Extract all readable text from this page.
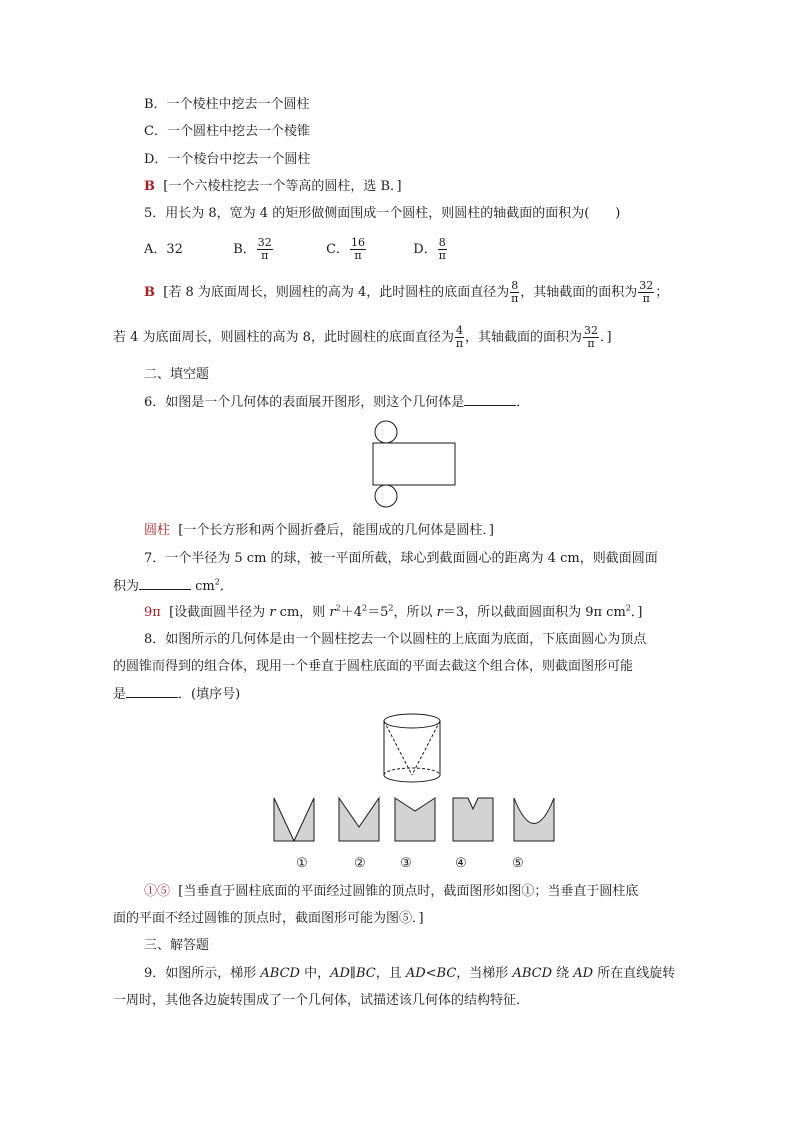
B．一个棱柱中挖去一个圆柱
C．一个圆柱中挖去一个棱锥
D．一个棱台中挖去一个圆柱
B [一个六棱柱挖去一个等高的圆柱，选 B．]
5．用长为 8，宽为 4 的矩形做侧面围成一个圆柱，则圆柱的轴截面的面积为(　　)
A．32	B． $\frac{32}{\pi}$	C． $\frac{16}{\pi}$	D． $\frac{8}{\pi}$
B [若 8 为底面周长，则圆柱的高为 4，此时圆柱的底面直径为 $\frac{8}{\pi}$ ，其轴截面的面积为 $\frac{32}{\pi}$ ；
若 4 为底面周长，则圆柱的高为 8，此时圆柱的底面直径为 $\frac{4}{\pi}$ ，其轴截面的面积为 $\frac{32}{\pi}$ ．]
二、填空题
6．如图是一个几何体的表面展开图形，则这个几何体是	．
圆柱 [一个长方形和两个圆折叠后，能围成的几何体是圆柱．]
7．一个半径为 5 cm 的球，被一平面所截，球心到截面圆心的距离为 4 cm，则截面圆面
积为	$cm^2$．
9π [设截面圆半径为 r cm，则 $r^2+4^2=5^2$，所以 r＝3，所以截面圆面积为 9π $cm^2$．]
8．如图所示的几何体是由一个圆柱挖去一个以圆柱的上底面为底面，下底面圆心为顶点
的圆锥而得到的组合体，现用一个垂直于圆柱底面的平面去截这个组合体，则截面图形可能
是	．(填序号)
①	②	③	④	⑤
①⑤ [当垂直于圆柱底面的平面经过圆锥的顶点时，截面图形如图①；当垂直于圆柱底
面的平面不经过圆锥的顶点时，截面图形可能为图⑤．]
三、解答题
9．如图所示，梯形 ABCD 中，AD∥BC，且 AD<BC，当梯形 ABCD 绕 AD 所在直线旋转
一周时，其他各边旋转围成了一个几何体，试描述该几何体的结构特征．
